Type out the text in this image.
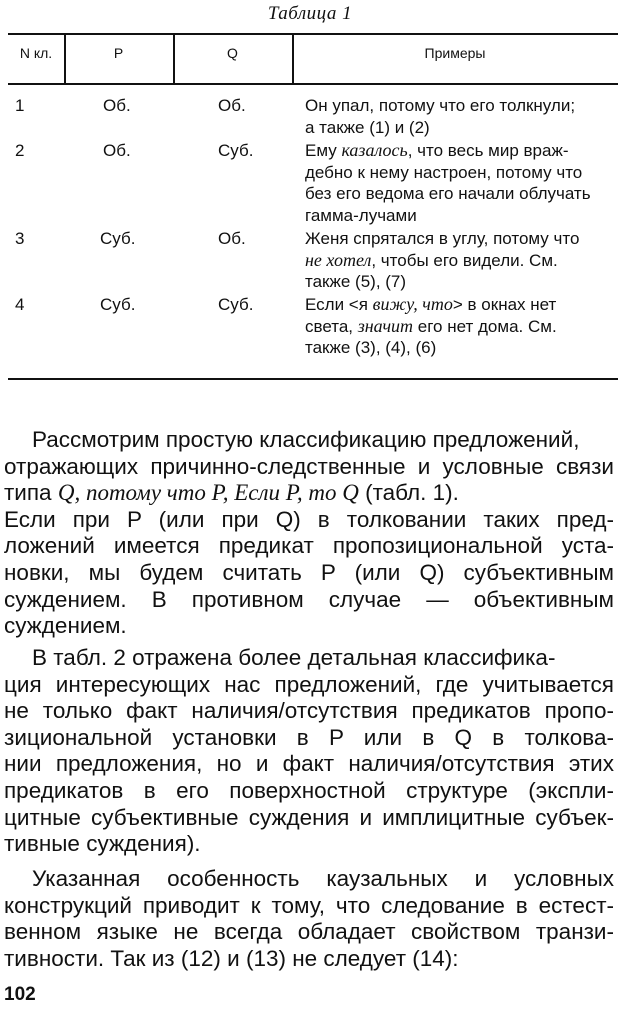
Таблица 1
N кл.	P	Q	Примеры
1	Об.	Об.	Он упал, потому что его толкнули;
а также (1) и (2)
2	Об.	Суб.	Ему казалось, что весь мир враж-
дебно к нему настроен, потому что
без его ведома его начали облучать
гамма-лучами
3	Суб.	Об.	Женя спрятался в углу, потому что
не хотел, чтобы его видели. См.
также (5), (7)
4	Суб.	Суб.	Если <я вижу, что> в окнах нет
света, значит его нет дома. См.
также (3), (4), (6)
Рассмотрим простую классификацию предложений,
отражающих причинно-следственные и условные связи
типа Q, потому что P, Если P, то Q (табл. 1).
Если при P (или при Q) в толковании таких пред-
ложений имеется предикат пропозициональной уста-
новки, мы будем считать P (или Q) субъективным
суждением. В противном случае — объективным
суждением.
В табл. 2 отражена более детальная классифика-
ция интересующих нас предложений, где учитывается
не только факт наличия/отсутствия предикатов пропо-
зициональной установки в P или в Q в толкова-
нии предложения, но и факт наличия/отсутствия этих
предикатов в его поверхностной структуре (экспли-
цитные субъективные суждения и имплицитные субъек-
тивные суждения).
Указанная особенность каузальных и условных
конструкций приводит к тому, что следование в естест-
венном языке не всегда обладает свойством транзи-
тивности. Так из (12) и (13) не следует (14):
102
